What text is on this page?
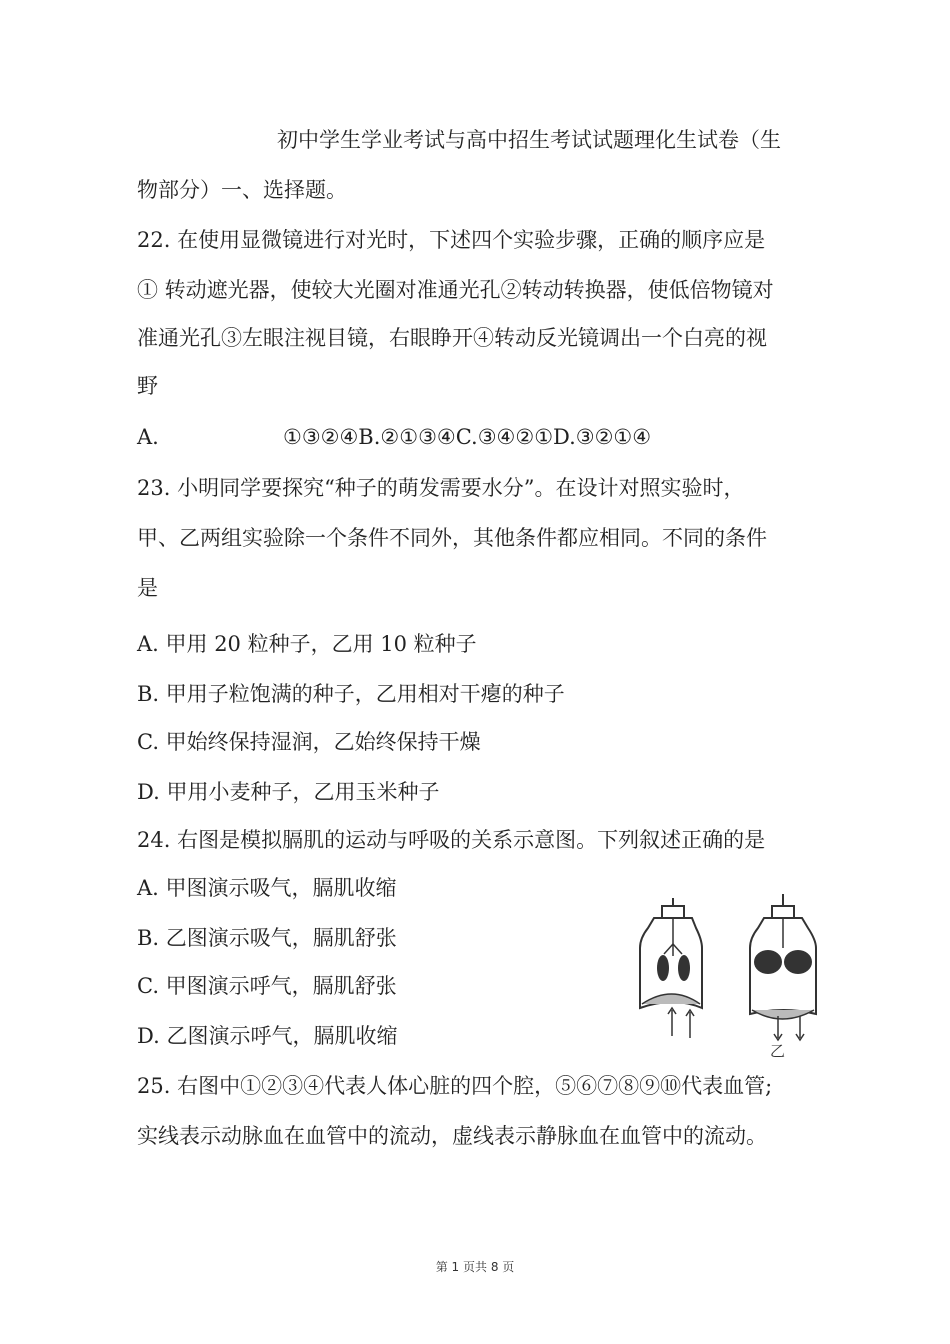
初中学生学业考试与高中招生考试试题理化生试卷（生
物部分）一、选择题。
22. 在使用显微镜进行对光时，下述四个实验步骤，正确的顺序应是
① 转动遮光器，使较大光圈对准通光孔②转动转换器，使低倍物镜对
准通光孔③左眼注视目镜，右眼睁开④转动反光镜调出一个白亮的视
野
A.	①③②④B.②①③④C.③④②①D.③②①④
23. 小明同学要探究“种子的萌发需要水分”。在设计对照实验时，
甲、乙两组实验除一个条件不同外，其他条件都应相同。不同的条件
是
A. 甲用 20 粒种子，乙用 10 粒种子
B. 甲用子粒饱满的种子，乙用相对干瘪的种子
C. 甲始终保持湿润，乙始终保持干燥
D. 甲用小麦种子，乙用玉米种子
24. 右图是模拟膈肌的运动与呼吸的关系示意图。下列叙述正确的是
A. 甲图演示吸气，膈肌收缩
B. 乙图演示吸气，膈肌舒张
C. 甲图演示呼气，膈肌舒张
D. 乙图演示呼气，膈肌收缩
乙
25. 右图中①②③④代表人体心脏的四个腔，⑤⑥⑦⑧⑨⑩代表血管;
实线表示动脉血在血管中的流动，虚线表示静脉血在血管中的流动。
第 1 页共 8 页
